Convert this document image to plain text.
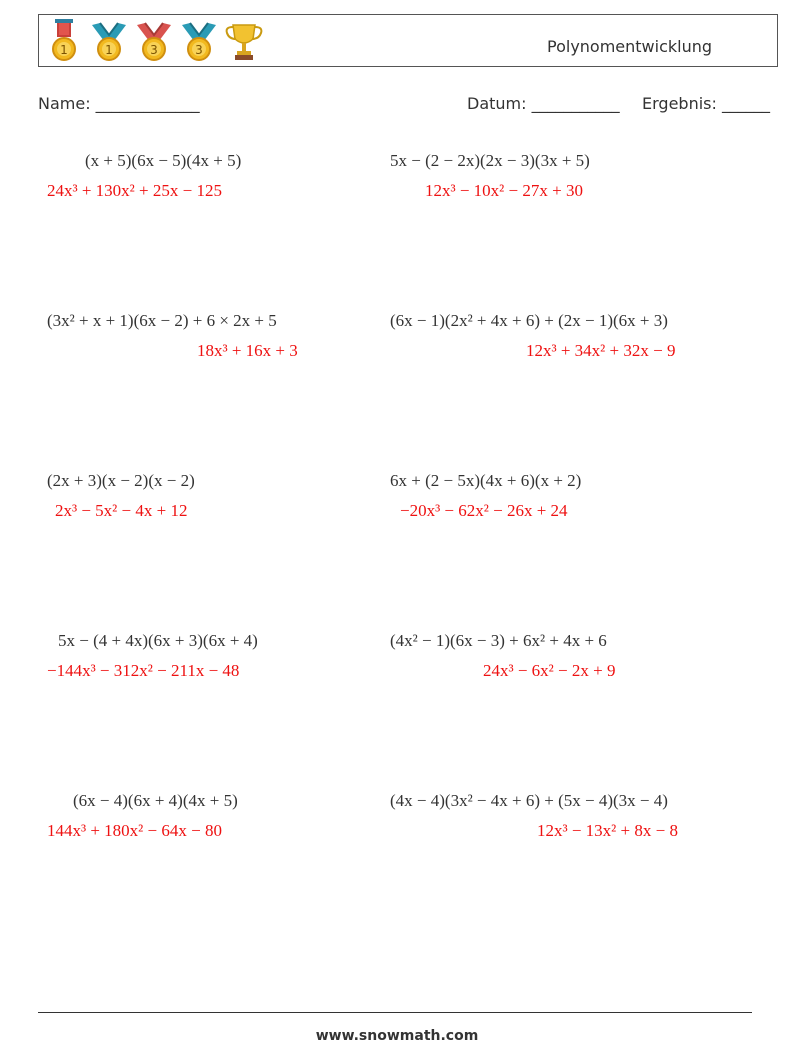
1	1	3	3	Polynomentwicklung
Name: _____________	Datum: ___________ Ergebnis: ______
(x + 5)(6x − 5)(4x + 5)
24x³ + 130x² + 25x − 125
5x − (2 − 2x)(2x − 3)(3x + 5)
12x³ − 10x² − 27x + 30
(3x² + x + 1)(6x − 2) + 6 × 2x + 5
18x³ + 16x + 3
(6x − 1)(2x² + 4x + 6) + (2x − 1)(6x + 3)
12x³ + 34x² + 32x − 9
(2x + 3)(x − 2)(x − 2)
2x³ − 5x² − 4x + 12
6x + (2 − 5x)(4x + 6)(x + 2)
−20x³ − 62x² − 26x + 24
5x − (4 + 4x)(6x + 3)(6x + 4)
−144x³ − 312x² − 211x − 48
(4x² − 1)(6x − 3) + 6x² + 4x + 6
24x³ − 6x² − 2x + 9
(6x − 4)(6x + 4)(4x + 5)
144x³ + 180x² − 64x − 80
(4x − 4)(3x² − 4x + 6) + (5x − 4)(3x − 4)
12x³ − 13x² + 8x − 8
www.snowmath.com
